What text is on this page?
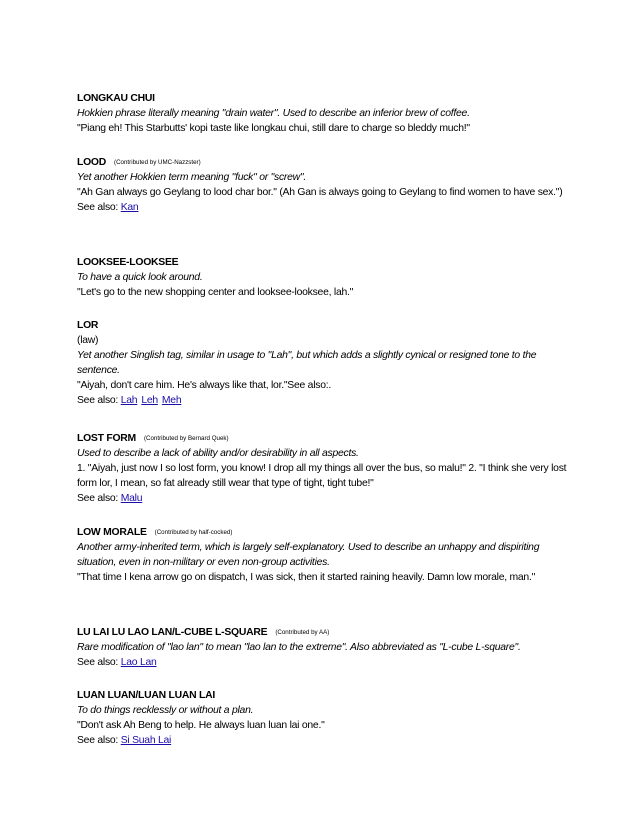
LONGKAU CHUI
Hokkien phrase literally meaning "drain water". Used to describe an inferior brew of coffee.
"Piang eh! This Starbutts' kopi taste like longkau chui, still dare to charge so bleddy much!"
LOOD (Contributed by UMC-Nazzster)
Yet another Hokkien term meaning "fuck" or "screw".
"Ah Gan always go Geylang to lood char bor." (Ah Gan is always going to Geylang to find women to have sex.")
See also: Kan
LOOKSEE-LOOKSEE
To have a quick look around.
"Let's go to the new shopping center and looksee-looksee, lah."
LOR
(law)
Yet another Singlish tag, similar in usage to "Lah", but which adds a slightly cynical or resigned tone to the sentence.
"Aiyah, don't care him. He's always like that, lor."See also:.
See also: Lah Leh Meh
LOST FORM (Contributed by Bernard Quek)
Used to describe a lack of ability and/or desirability in all aspects.
1. "Aiyah, just now I so lost form, you know! I drop all my things all over the bus, so malu!" 2. "I think she very lost form lor, I mean, so fat already still wear that type of tight, tight tube!"
See also: Malu
LOW MORALE (Contributed by half-cocked)
Another army-inherited term, which is largely self-explanatory. Used to describe an unhappy and dispiriting situation, even in non-military or even non-group activities.
"That time I kena arrow go on dispatch, I was sick, then it started raining heavily. Damn low morale, man."
LU LAI LU LAO LAN/L-CUBE L-SQUARE (Contributed by AA)
Rare modification of "lao lan" to mean "lao lan to the extreme". Also abbreviated as "L-cube L-square".
See also: Lao Lan
LUAN LUAN/LUAN LUAN LAI
To do things recklessly or without a plan.
"Don't ask Ah Beng to help. He always luan luan lai one."
See also: Si Suah Lai
